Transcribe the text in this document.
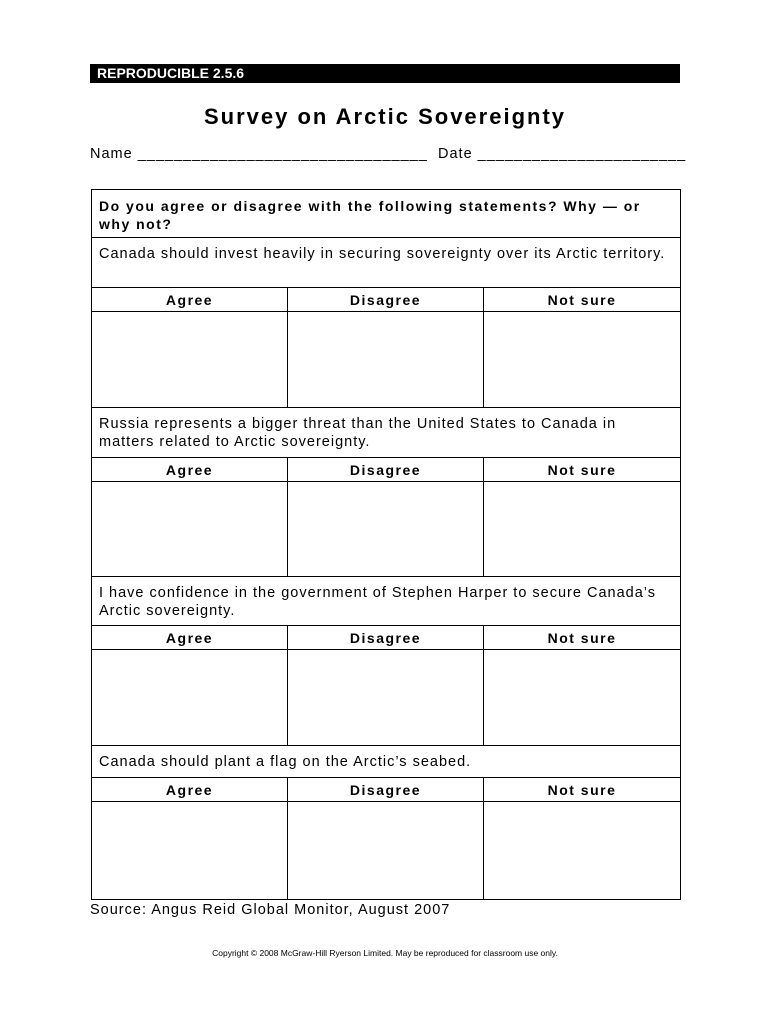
REPRODUCIBLE 2.5.6
Survey on Arctic Sovereignty
Name ________________________________ Date _______________________
Do you agree or disagree with the following statements? Why — or why not?
Canada should invest heavily in securing sovereignty over its Arctic territory.
Agree	Disagree	Not sure
Russia represents a bigger threat than the United States to Canada in matters related to Arctic sovereignty.
Agree	Disagree	Not sure
I have confidence in the government of Stephen Harper to secure Canada’s Arctic sovereignty.
Agree	Disagree	Not sure
Canada should plant a flag on the Arctic’s seabed.
Agree	Disagree	Not sure
Source: Angus Reid Global Monitor, August 2007
Copyright © 2008 McGraw-Hill Ryerson Limited. May be reproduced for classroom use only.
